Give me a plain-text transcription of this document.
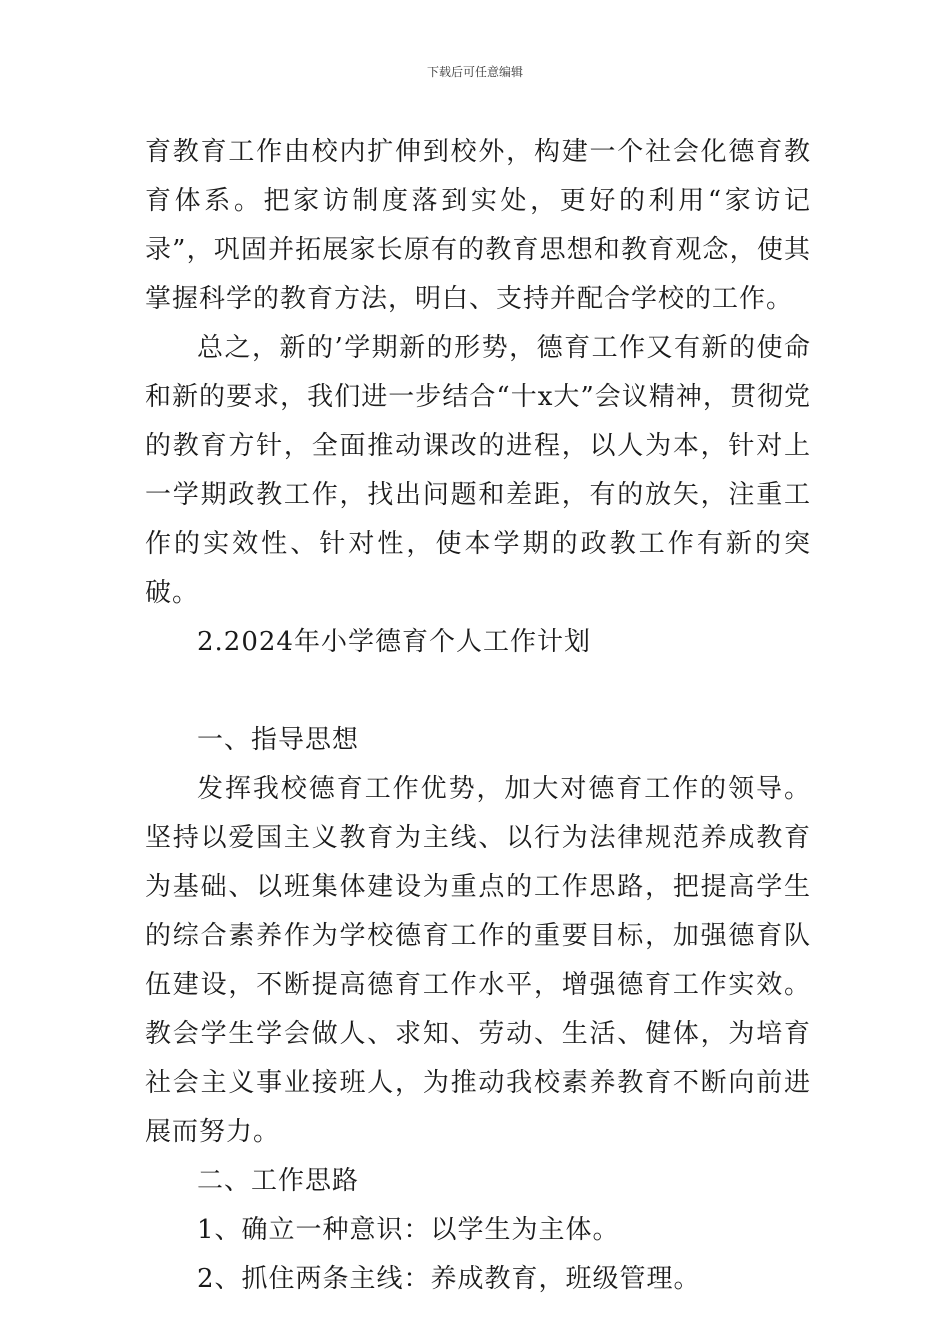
下载后可任意编辑

育教育工作由校内扩伸到校外，构建一个社会化德育教育体系。把家访制度落到实处，更好的利用“家访记录”，巩固并拓展家长原有的教育思想和教育观念，使其掌握科学的教育方法，明白、支持并配合学校的工作。

总之，新的’学期新的形势，德育工作又有新的使命和新的要求，我们进一步结合“十x大”会议精神，贯彻党的教育方针，全面推动课改的进程，以人为本，针对上一学期政教工作，找出问题和差距，有的放矢，注重工作的实效性、针对性，使本学期的政教工作有新的突破。

2.2024年小学德育个人工作计划

一、指导思想

发挥我校德育工作优势，加大对德育工作的领导。坚持以爱国主义教育为主线、以行为法律规范养成教育为基础、以班集体建设为重点的工作思路，把提高学生的综合素养作为学校德育工作的重要目标，加强德育队伍建设，不断提高德育工作水平，增强德育工作实效。教会学生学会做人、求知、劳动、生活、健体，为培育社会主义事业接班人，为推动我校素养教育不断向前进展而努力。

二、工作思路

1、确立一种意识：以学生为主体。

2、抓住两条主线：养成教育，班级管理。
